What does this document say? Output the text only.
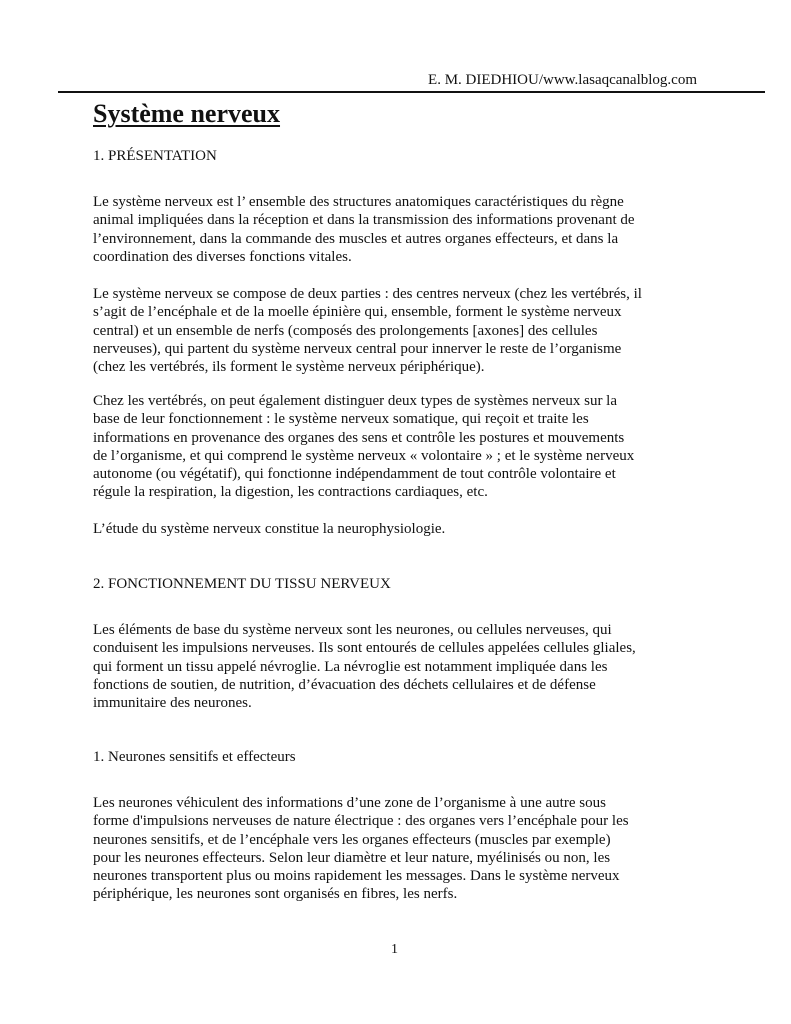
E. M. DIEDHIOU/www.lasaqcanalblog.com
Système nerveux
1. PRÉSENTATION
Le système nerveux est l’ ensemble des structures anatomiques caractéristiques du règne
animal impliquées dans la réception et dans la transmission des informations provenant de
l’environnement, dans la commande des muscles et autres organes effecteurs, et dans la
coordination des diverses fonctions vitales.
Le système nerveux se compose de deux parties : des centres nerveux (chez les vertébrés, il
s’agit de l’encéphale et de la moelle épinière qui, ensemble, forment le système nerveux
central) et un ensemble de nerfs (composés des prolongements [axones] des cellules
nerveuses), qui partent du système nerveux central pour innerver le reste de l’organisme
(chez les vertébrés, ils forment le système nerveux périphérique).
Chez les vertébrés, on peut également distinguer deux types de systèmes nerveux sur la
base de leur fonctionnement : le système nerveux somatique, qui reçoit et traite les
informations en provenance des organes des sens et contrôle les postures et mouvements
de l’organisme, et qui comprend le système nerveux « volontaire » ; et le système nerveux
autonome (ou végétatif), qui fonctionne indépendamment de tout contrôle volontaire et
régule la respiration, la digestion, les contractions cardiaques, etc.
L’étude du système nerveux constitue la neurophysiologie.
2. FONCTIONNEMENT DU TISSU NERVEUX
Les éléments de base du système nerveux sont les neurones, ou cellules nerveuses, qui
conduisent les impulsions nerveuses. Ils sont entourés de cellules appelées cellules gliales,
qui forment un tissu appelé névroglie. La névroglie est notamment impliquée dans les
fonctions de soutien, de nutrition, d’évacuation des déchets cellulaires et de défense
immunitaire des neurones.
1. Neurones sensitifs et effecteurs
Les neurones véhiculent des informations d’une zone de l’organisme à une autre sous
forme d'impulsions nerveuses de nature électrique : des organes vers l’encéphale pour les
neurones sensitifs, et de l’encéphale vers les organes effecteurs (muscles par exemple)
pour les neurones effecteurs. Selon leur diamètre et leur nature, myélinisés ou non, les
neurones transportent plus ou moins rapidement les messages. Dans le système nerveux
périphérique, les neurones sont organisés en fibres, les nerfs.
1
